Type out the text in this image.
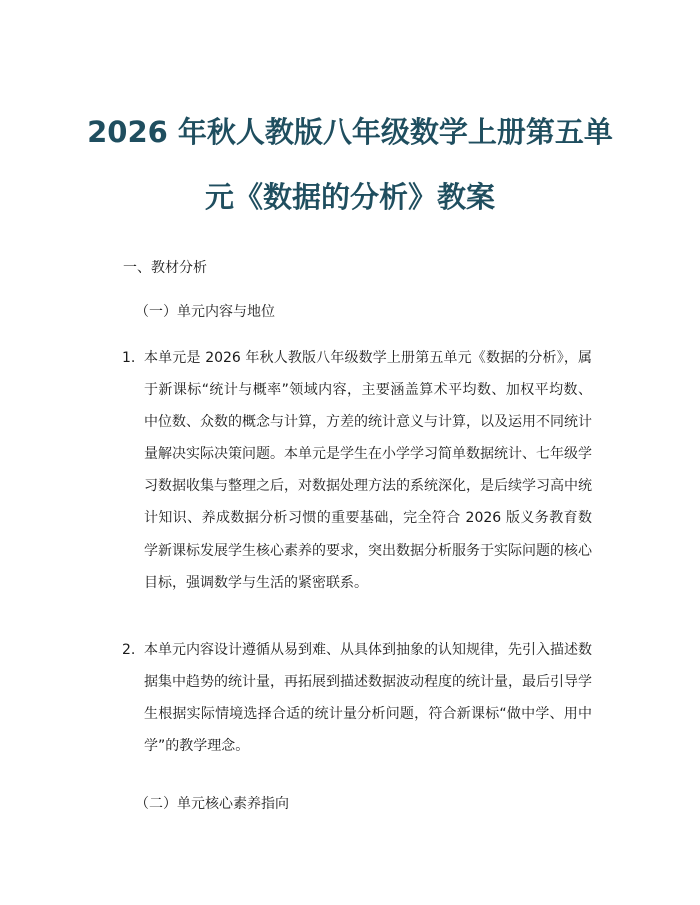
2026 年秋人教版八年级数学上册第五单
元《数据的分析》教案
一、教材分析
（一）单元内容与地位
1. 本单元是 2026 年秋人教版八年级数学上册第五单元《数据的分析》，属于新课标“统计与概率”领域内容，主要涵盖算术平均数、加权平均数、中位数、众数的概念与计算，方差的统计意义与计算，以及运用不同统计量解决实际决策问题。本单元是学生在小学学习简单数据统计、七年级学习数据收集与整理之后，对数据处理方法的系统深化，是后续学习高中统计知识、养成数据分析习惯的重要基础，完全符合 2026 版义务教育数学新课标发展学生核心素养的要求，突出数据分析服务于实际问题的核心目标，强调数学与生活的紧密联系。
2. 本单元内容设计遵循从易到难、从具体到抽象的认知规律，先引入描述数据集中趋势的统计量，再拓展到描述数据波动程度的统计量，最后引导学生根据实际情境选择合适的统计量分析问题，符合新课标“做中学、用中学”的教学理念。
（二）单元核心素养指向
